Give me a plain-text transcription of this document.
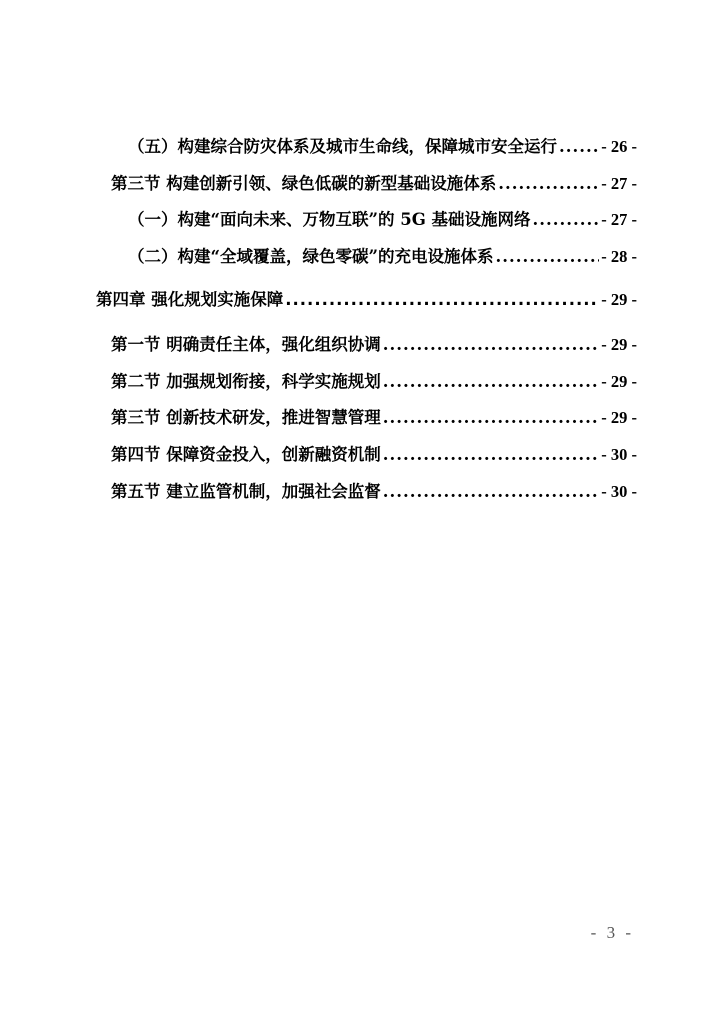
（五）构建综合防灾体系及城市生命线，保障城市安全运行 .....	- 26 -
第三节 构建创新引领、绿色低碳的新型基础设施体系 .....	- 27 -
（一）构建“面向未来、万物互联”的 5G 基础设施网络 .....	- 27 -
（二）构建“全域覆盖，绿色零碳”的充电设施体系 .....	- 28 -
第四章 强化规划实施保障 .....	- 29 -
第一节 明确责任主体，强化组织协调 .....	- 29 -
第二节 加强规划衔接，科学实施规划 .....	- 29 -
第三节 创新技术研发，推进智慧管理 .....	- 29 -
第四节 保障资金投入，创新融资机制 .....	- 30 -
第五节 建立监管机制，加强社会监督 .....	- 30 -
- 3 -
